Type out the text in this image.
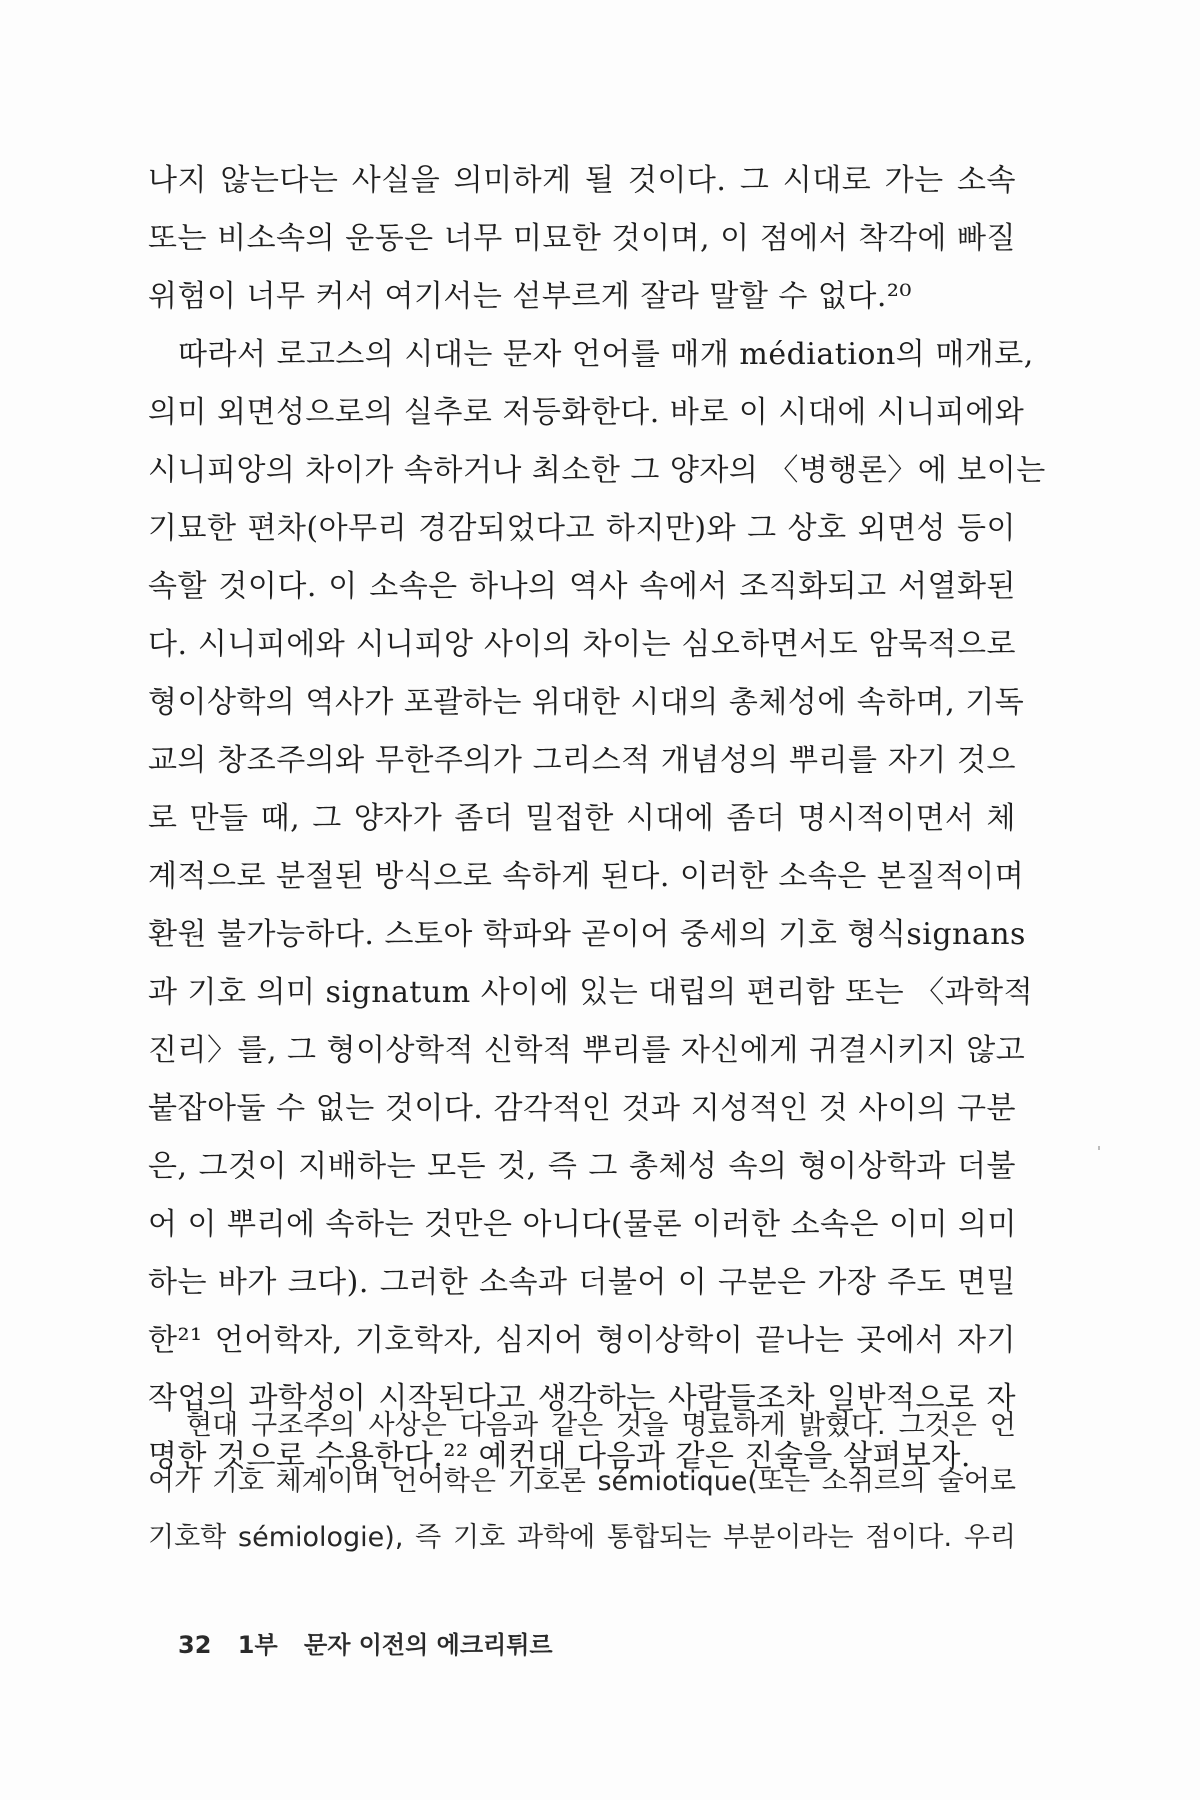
나지 않는다는 사실을 의미하게 될 것이다. 그 시대로 가는 소속
또는 비소속의 운동은 너무 미묘한 것이며, 이 점에서 착각에 빠질
위험이 너무 커서 여기서는 섣부르게 잘라 말할 수 없다.²⁰
따라서 로고스의 시대는 문자 언어를 매개 médiation의 매개로,
의미 외면성으로의 실추로 저등화한다. 바로 이 시대에 시니피에와
시니피앙의 차이가 속하거나 최소한 그 양자의 〈병행론〉에 보이는
기묘한 편차(아무리 경감되었다고 하지만)와 그 상호 외면성 등이
속할 것이다. 이 소속은 하나의 역사 속에서 조직화되고 서열화된
다. 시니피에와 시니피앙 사이의 차이는 심오하면서도 암묵적으로
형이상학의 역사가 포괄하는 위대한 시대의 총체성에 속하며, 기독
교의 창조주의와 무한주의가 그리스적 개념성의 뿌리를 자기 것으
로 만들 때, 그 양자가 좀더 밀접한 시대에 좀더 명시적이면서 체
계적으로 분절된 방식으로 속하게 된다. 이러한 소속은 본질적이며
환원 불가능하다. 스토아 학파와 곧이어 중세의 기호 형식signans
과 기호 의미 signatum 사이에 있는 대립의 편리함 또는 〈과학적
진리〉를, 그 형이상학적 신학적 뿌리를 자신에게 귀결시키지 않고
붙잡아둘 수 없는 것이다. 감각적인 것과 지성적인 것 사이의 구분
은, 그것이 지배하는 모든 것, 즉 그 총체성 속의 형이상학과 더불
어 이 뿌리에 속하는 것만은 아니다(물론 이러한 소속은 이미 의미
하는 바가 크다). 그러한 소속과 더불어 이 구분은 가장 주도 면밀
한²¹ 언어학자, 기호학자, 심지어 형이상학이 끝나는 곳에서 자기
작업의 과학성이 시작된다고 생각하는 사람들조차 일반적으로 자
명한 것으로 수용한다.²² 예컨대 다음과 같은 진술을 살펴보자.
현대 구조주의 사상은 다음과 같은 것을 명료하게 밝혔다. 그것은 언
어가 기호 체계이며 언어학은 기호론 sémiotique(또는 소쉬르의 술어로
기호학 sémiologie), 즉 기호 과학에 통합되는 부분이라는 점이다. 우리
32 1부 문자 이전의 에크리튀르
